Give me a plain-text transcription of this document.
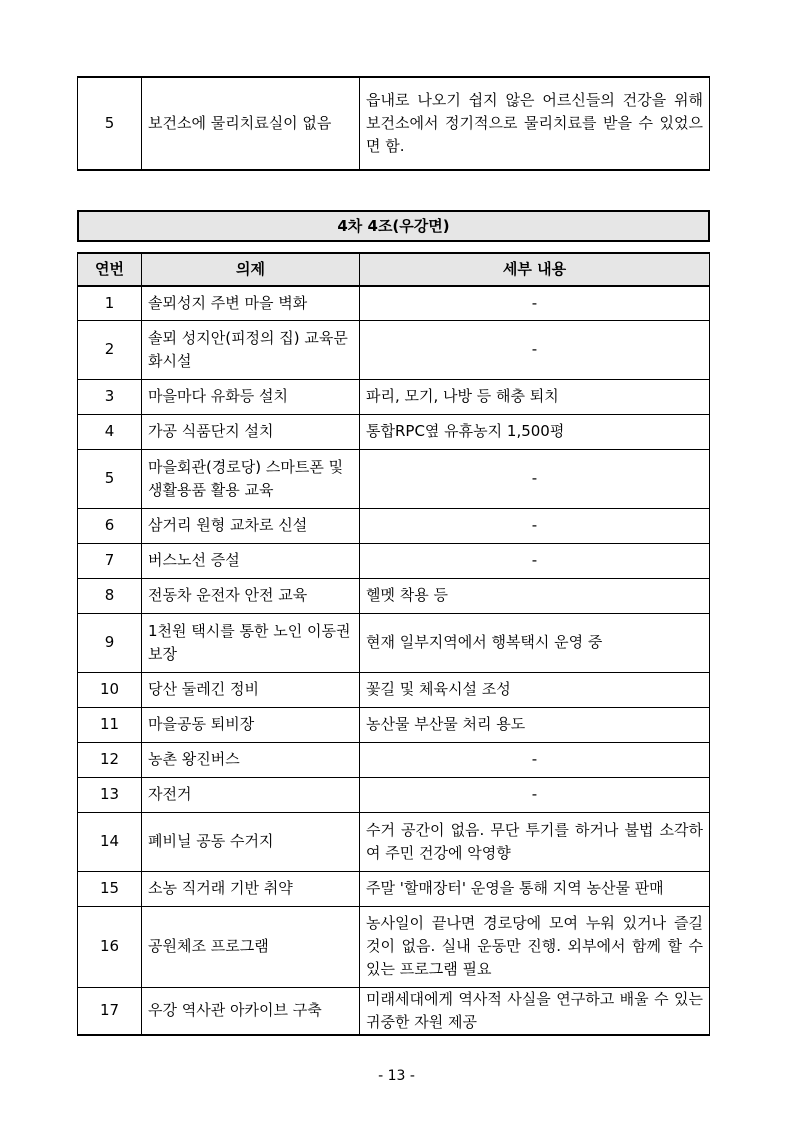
5	보건소에 물리치료실이 없음	읍내로 나오기 쉽지 않은 어르신들의 건강을 위해 보건소에서 정기적으로 물리치료를 받을 수 있었으면 함.
4차 4조(우강면)
연번	의제	세부 내용
1	솔뫼성지 주변 마을 벽화	-
2	솔뫼 성지안(피정의 집) 교육문화시설	-
3	마을마다 유화등 설치	파리, 모기, 나방 등 해충 퇴치
4	가공 식품단지 설치	통합RPC옆 유휴농지 1,500평
5	마을회관(경로당) 스마트폰 및 생활용품 활용 교육	-
6	삼거리 원형 교차로 신설	-
7	버스노선 증설	-
8	전동차 운전자 안전 교육	헬멧 착용 등
9	1천원 택시를 통한 노인 이동권 보장	현재 일부지역에서 행복택시 운영 중
10	당산 둘레긴 정비	꽃길 및 체육시설 조성
11	마을공동 퇴비장	농산물 부산물 처리 용도
12	농촌 왕진버스	-
13	자전거	-
14	폐비닐 공동 수거지	수거 공간이 없음. 무단 투기를 하거나 불법 소각하여 주민 건강에 악영향
15	소농 직거래 기반 취약	주말 '할매장터' 운영을 통해 지역 농산물 판매
16	공원체조 프로그램	농사일이 끝나면 경로당에 모여 누워 있거나 즐길 것이 없음. 실내 운동만 진행. 외부에서 함께 할 수 있는 프로그램 필요
17	우강 역사관 아카이브 구축	미래세대에게 역사적 사실을 연구하고 배울 수 있는 귀중한 자원 제공
- 13 -
